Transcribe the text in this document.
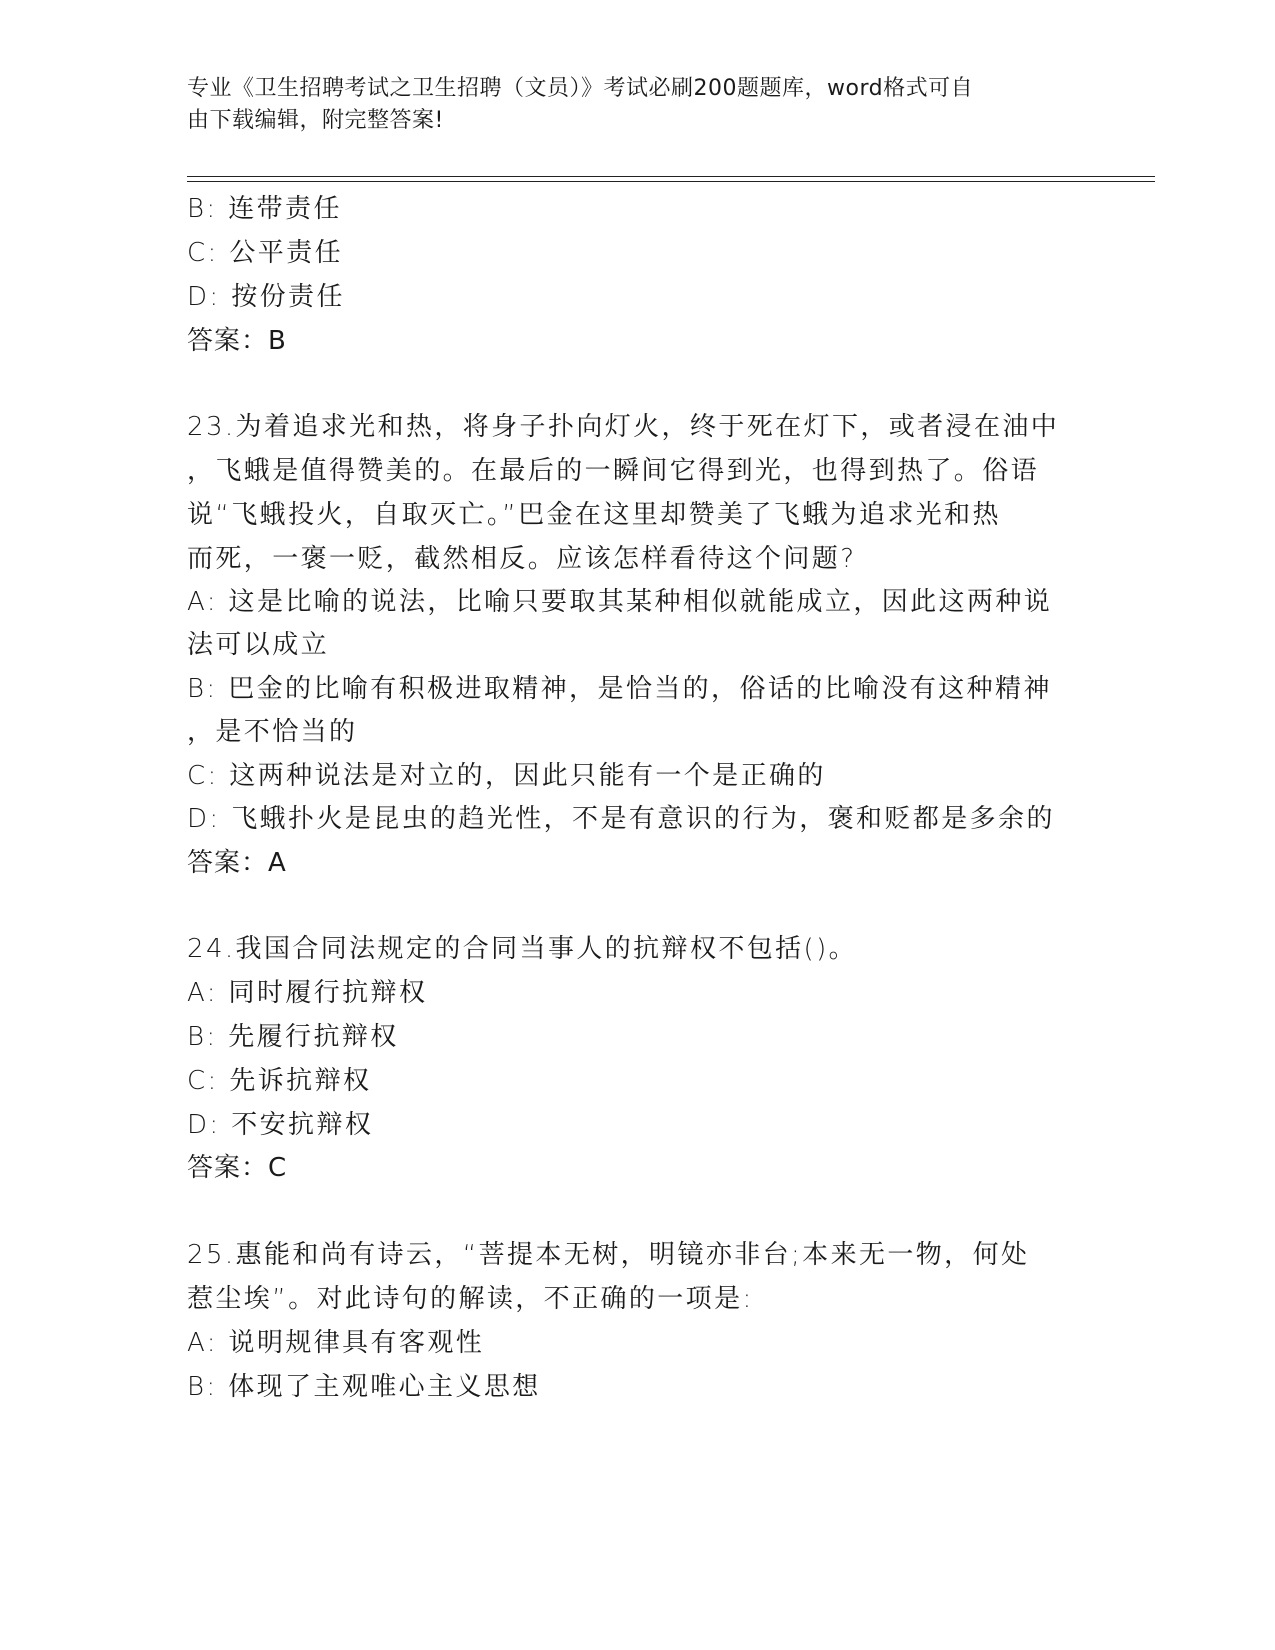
专业《卫生招聘考试之卫生招聘（文员）》考试必刷200题题库，word格式可自
由下载编辑，附完整答案!
B: 连带责任
C: 公平责任
D: 按份责任
答案：B
23.为着追求光和热，将身子扑向灯火，终于死在灯下，或者浸在油中
，飞蛾是值得赞美的。在最后的一瞬间它得到光，也得到热了。俗语
说“飞蛾投火，自取灭亡。”巴金在这里却赞美了飞蛾为追求光和热
而死，一褒一贬，截然相反。应该怎样看待这个问题?
A: 这是比喻的说法，比喻只要取其某种相似就能成立，因此这两种说
法可以成立
B: 巴金的比喻有积极进取精神，是恰当的，俗话的比喻没有这种精神
，是不恰当的
C: 这两种说法是对立的，因此只能有一个是正确的
D: 飞蛾扑火是昆虫的趋光性，不是有意识的行为，褒和贬都是多余的
答案：A
24.我国合同法规定的合同当事人的抗辩权不包括()。
A: 同时履行抗辩权
B: 先履行抗辩权
C: 先诉抗辩权
D: 不安抗辩权
答案：C
25.惠能和尚有诗云，“菩提本无树，明镜亦非台;本来无一物，何处
惹尘埃”。对此诗句的解读，不正确的一项是:
A: 说明规律具有客观性
B: 体现了主观唯心主义思想
